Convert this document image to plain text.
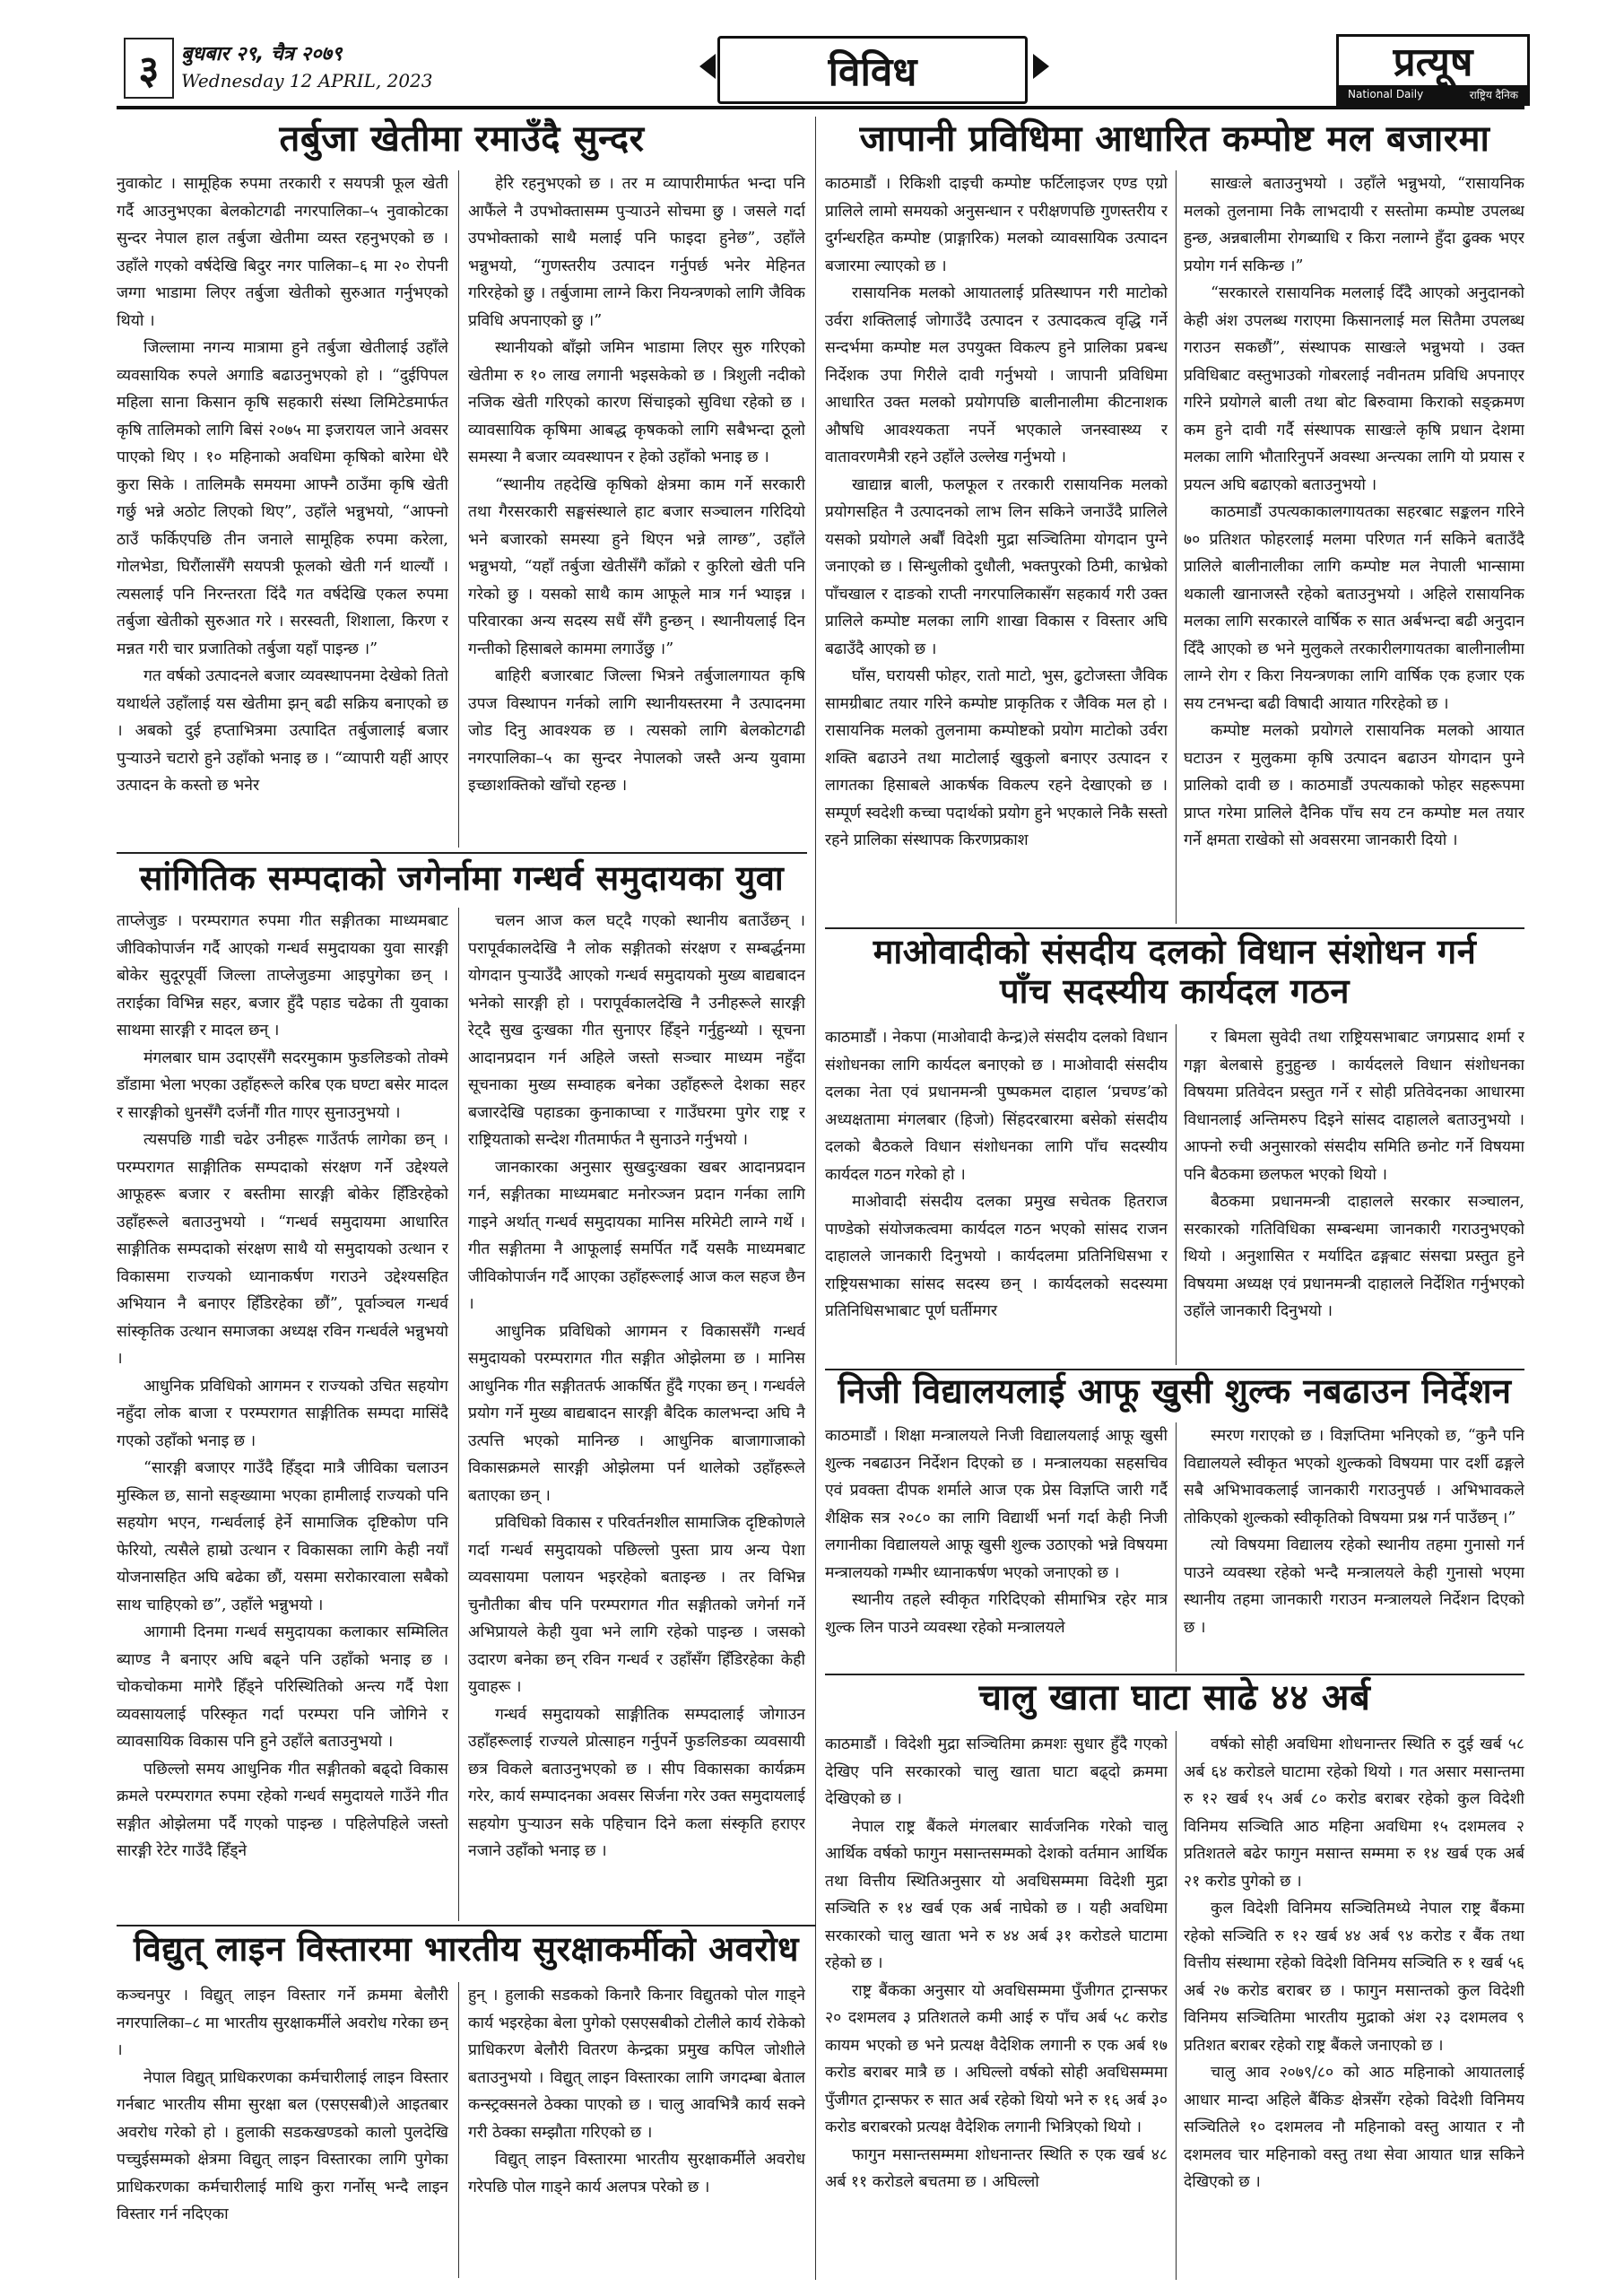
३	बुधबार २९, चैत्र २०७९
Wednesday 12 APRIL, 2023	विविध	प्रत्यूष
National Daily	राष्ट्रिय दैनिक
तर्बुजा खेतीमा रमाउँदै सुन्दर

नुवाकोट । सामूहिक रुपमा तरकारी र सयपत्री फूल खेती गर्दै आउनुभएका बेलकोटगढी नगरपालिका–५ नुवाकोटका सुन्दर नेपाल हाल तर्बुजा खेतीमा व्यस्त रहनुभएको छ । उहाँले गएको वर्षदेखि बिदुर नगर पालिका–६ मा २० रोपनी जग्गा भाडामा लिएर तर्बुजा खेतीको सुरुआत गर्नुभएको थियो ।

जिल्लामा नगन्य मात्रामा हुने तर्बुजा खेतीलाई उहाँले व्यवसायिक रुपले अगाडि बढाउनुभएको हो । “दुईपिपल महिला साना किसान कृषि सहकारी संस्था लिमिटेडमार्फत कृषि तालिमको लागि बिसं २०७५ मा इजरायल जाने अवसर पाएको थिए । १० महिनाको अवधिमा कृषिको बारेमा धेरै कुरा सिके । तालिमकै समयमा आफ्नै ठाउँमा कृषि खेती गर्छु भन्ने अठोट लिएको थिए”, उहाँले भन्नुभयो, “आफ्नो ठाउँ फर्किएपछि तीन जनाले सामूहिक रुपमा करेला, गोलभेडा, घिरौंलासँगै सयपत्री फूलको खेती गर्न थाल्यौं । त्यसलाई पनि निरन्तरता दिंदै गत वर्षदेखि एकल रुपमा तर्बुजा खेतीको सुरुआत गरे । सरस्वती, शिशाला, किरण र मन्नत गरी चार प्रजातिको तर्बुजा यहाँ पाइन्छ ।”

गत वर्षको उत्पादनले बजार व्यवस्थापनमा देखेको तितो यथार्थले उहाँलाई यस खेतीमा झन् बढी सक्रिय बनाएको छ । अबको दुई हप्ताभित्रमा उत्पादित तर्बुजालाई बजार पुऱ्याउने चटारो हुने उहाँको भनाइ छ । “व्यापारी यहीं आएर उत्पादन के कस्तो छ भनेर

हेरि रहनुभएको छ । तर म व्यापारीमार्फत भन्दा पनि आफैंले नै उपभोक्तासम्म पुऱ्याउने सोचमा छु । जसले गर्दा उपभोक्ताको साथै मलाई पनि फाइदा हुनेछ”, उहाँले भन्नुभयो, “गुणस्तरीय उत्पादन गर्नुपर्छ भनेर मेहिनत गरिरहेको छु । तर्बुजामा लाग्ने किरा नियन्त्रणको लागि जैविक प्रविधि अपनाएको छु ।”

स्थानीयको बाँझो जमिन भाडामा लिएर सुरु गरिएको खेतीमा रु १० लाख लगानी भइसकेको छ । त्रिशुली नदीको नजिक खेती गरिएको कारण सिंचाइको सुविधा रहेको छ । व्यावसायिक कृषिमा आबद्ध कृषकको लागि सबैभन्दा ठूलो समस्या नै बजार व्यवस्थापन र हेको उहाँको भनाइ छ ।

“स्थानीय तहदेखि कृषिको क्षेत्रमा काम गर्ने सरकारी तथा गैरसरकारी सङ्घसंस्थाले हाट बजार सञ्चालन गरिदियो भने बजारको समस्या हुने थिएन भन्ने लाग्छ”, उहाँले भन्नुभयो, “यहाँ तर्बुजा खेतीसँगै काँक्रो र कुरिलो खेती पनि गरेको छु । यसको साथै काम आफूले मात्र गर्न भ्याइन्न । परिवारका अन्य सदस्य सधैं सँगै हुन्छन् । स्थानीयलाई दिन गन्तीको हिसाबले काममा लगाउँछु ।”

बाहिरी बजारबाट जिल्ला भित्रने तर्बुजालगायत कृषि उपज विस्थापन गर्नको लागि स्थानीयस्तरमा नै उत्पादनमा जोड दिनु आवश्यक छ । त्यसको लागि बेलकोटगढी नगरपालिका–५ का सुन्दर नेपालको जस्तै अन्य युवामा इच्छाशक्तिको खाँचो रहन्छ ।

जापानी प्रविधिमा आधारित कम्पोष्ट मल बजारमा

काठमाडौं । रिकिशी दाइची कम्पोष्ट फर्टिलाइजर एण्ड एग्रो प्रालिले लामो समयको अनुसन्धान र परीक्षणपछि गुणस्तरीय र दुर्गन्धरहित कम्पोष्ट (प्राङ्गारिक) मलको व्यावसायिक उत्पादन बजारमा ल्याएको छ ।

रासायनिक मलको आयातलाई प्रतिस्थापन गरी माटोको उर्वरा शक्तिलाई जोगाउँदै उत्पादन र उत्पादकत्व वृद्धि गर्ने सन्दर्भमा कम्पोष्ट मल उपयुक्त विकल्प हुने प्रालिका प्रबन्ध निर्देशक उपा गिरीले दावी गर्नुभयो । जापानी प्रविधिमा आधारित उक्त मलको प्रयोगपछि बालीनालीमा कीटनाशक औषधि आवश्यकता नपर्ने भएकाले जनस्वास्थ्य र वातावरणमैत्री रहने उहाँले उल्लेख गर्नुभयो ।

खाद्यान्न बाली, फलफूल र तरकारी रासायनिक मलको प्रयोगसहित नै उत्पादनको लाभ लिन सकिने जनाउँदै प्रालिले यसको प्रयोगले अर्बौं विदेशी मुद्रा सञ्चितिमा योगदान पुग्ने जनाएको छ । सिन्धुलीको दुधौली, भक्तपुरको ठिमी, काभ्रेको पाँचखाल र दाङको राप्ती नगरपालिकासँग सहकार्य गरी उक्त प्रालिले कम्पोष्ट मलका लागि शाखा विकास र विस्तार अघि बढाउँदै आएको छ ।

घाँस, घरायसी फोहर, रातो माटो, भुस, ढुटोजस्ता जैविक सामग्रीबाट तयार गरिने कम्पोष्ट प्राकृतिक र जैविक मल हो । रासायनिक मलको तुलनामा कम्पोष्टको प्रयोग माटोको उर्वरा शक्ति बढाउने तथा माटोलाई खुकुलो बनाएर उत्पादन र लागतका हिसाबले आकर्षक विकल्प रहने देखाएको छ । सम्पूर्ण स्वदेशी कच्चा पदार्थको प्रयोग हुने भएकाले निकै सस्तो रहने प्रालिका संस्थापक किरणप्रकाश

साखःले बताउनुभयो । उहाँले भन्नुभयो, “रासायनिक मलको तुलनामा निकै लाभदायी र सस्तोमा कम्पोष्ट उपलब्ध हुन्छ, अन्नबालीमा रोगब्याधि र किरा नलाग्ने हुँदा ढुक्क भएर प्रयोग गर्न सकिन्छ ।”

“सरकारले रासायनिक मललाई दिँदै आएको अनुदानको केही अंश उपलब्ध गराएमा किसानलाई मल सितैमा उपलब्ध गराउन सकछौं”, संस्थापक साखःले भन्नुभयो । उक्त प्रविधिबाट वस्तुभाउको गोबरलाई नवीनतम प्रविधि अपनाएर गरिने प्रयोगले बाली तथा बोट बिरुवामा किराको सङ्क्रमण कम हुने दावी गर्दै संस्थापक साखःले कृषि प्रधान देशमा मलका लागि भौतारिनुपर्ने अवस्था अन्त्यका लागि यो प्रयास र प्रयत्न अघि बढाएको बताउनुभयो ।

काठमाडौं उपत्यकाकालगायतका सहरबाट सङ्कलन गरिने ७० प्रतिशत फोहरलाई मलमा परिणत गर्न सकिने बताउँदै प्रालिले बालीनालीका लागि कम्पोष्ट मल नेपाली भान्सामा थकाली खानाजस्तै रहेको बताउनुभयो । अहिले रासायनिक मलका लागि सरकारले वार्षिक रु सात अर्बभन्दा बढी अनुदान दिँदै आएको छ भने मुलुकले तरकारीलगायतका बालीनालीमा लाग्ने रोग र किरा नियन्त्रणका लागि वार्षिक एक हजार एक सय टनभन्दा बढी विषादी आयात गरिरहेको छ ।

कम्पोष्ट मलको प्रयोगले रासायनिक मलको आयात घटाउन र मुलुकमा कृषि उत्पादन बढाउन योगदान पुग्ने प्रालिको दावी छ । काठमाडौं उपत्यकाको फोहर सहरूपमा प्राप्त गरेमा प्रालिले दैनिक पाँच सय टन कम्पोष्ट मल तयार गर्ने क्षमता राखेको सो अवसरमा जानकारी दियो ।

सांगितिक सम्पदाको जगेर्नामा गन्धर्व समुदायका युवा

ताप्लेजुङ । परम्परागत रुपमा गीत सङ्गीतका माध्यमबाट जीविकोपार्जन गर्दै आएको गन्धर्व समुदायका युवा सारङ्गी बोकेर सुदूरपूर्वी जिल्ला ताप्लेजुङमा आइपुगेका छन् । तराईका विभिन्न सहर, बजार हुँदै पहाड चढेका ती युवाका साथमा सारङ्गी र मादल छन् ।

मंगलबार घाम उदाएसँगै सदरमुकाम फुङलिङको तोक्मे डाँडामा भेला भएका उहाँहरूले करिब एक घण्टा बसेर मादल र सारङ्गीको धुनसँगै दर्जनौं गीत गाएर सुनाउनुभयो ।

त्यसपछि गाडी चढेर उनीहरू गाउँतर्फ लागेका छन् । परम्परागत साङ्गीतिक सम्पदाको संरक्षण गर्ने उद्देश्यले आफूहरू बजार र बस्तीमा सारङ्गी बोकेर हिँडिरहेको उहाँहरूले बताउनुभयो । “गन्धर्व समुदायमा आधारित साङ्गीतिक सम्पदाको संरक्षण साथै यो समुदायको उत्थान र विकासमा राज्यको ध्यानाकर्षण गराउने उद्देश्यसहित अभियान नै बनाएर हिँडिरहेका छौं”, पूर्वाञ्चल गन्धर्व सांस्कृतिक उत्थान समाजका अध्यक्ष रविन गन्धर्वले भन्नुभयो ।

आधुनिक प्रविधिको आगमन र राज्यको उचित सहयोग नहुँदा लोक बाजा र परम्परागत साङ्गीतिक सम्पदा मासिंदै गएको उहाँको भनाइ छ ।

“सारङ्गी बजाएर गाउँदै हिँड्दा मात्रै जीविका चलाउन मुस्किल छ, सानो सङ्ख्यामा भएका हामीलाई राज्यको पनि सहयोग भएन, गन्धर्वलाई हेर्ने सामाजिक दृष्टिकोण पनि फेरियो, त्यसैले हाम्रो उत्थान र विकासका लागि केही नयाँ योजनासहित अघि बढेका छौं, यसमा सरोकारवाला सबैको साथ चाहिएको छ”, उहाँले भन्नुभयो ।

आगामी दिनमा गन्धर्व समुदायका कलाकार सम्मिलित ब्याण्ड नै बनाएर अघि बढ्ने पनि उहाँको भनाइ छ । चोकचोकमा मागेरै हिँड्ने परिस्थितिको अन्त्य गर्दै पेशा व्यवसायलाई परिस्कृत गर्दा परम्परा पनि जोगिने र व्यावसायिक विकास पनि हुने उहाँले बताउनुभयो ।

पछिल्लो समय आधुनिक गीत सङ्गीतको बढ्दो विकास क्रमले परम्परागत रुपमा रहेको गन्धर्व समुदायले गाउँने गीत सङ्गीत ओझेलमा पर्दै गएको पाइन्छ । पहिलेपहिले जस्तो सारङ्गी रेटेर गाउँदै हिँड्ने

चलन आज कल घट्दै गएको स्थानीय बताउँछन् । परापूर्वकालदेखि नै लोक सङ्गीतको संरक्षण र सम्बर्द्धनमा योगदान पुऱ्याउँदै आएको गन्धर्व समुदायको मुख्य बाद्यबादन भनेको सारङ्गी हो । परापूर्वकालदेखि नै उनीहरूले सारङ्गी रेट्दै सुख दुःखका गीत सुनाएर हिँड्ने गर्नुहुन्थ्यो । सूचना आदानप्रदान गर्न अहिले जस्तो सञ्चार माध्यम नहुँदा सूचनाका मुख्य सम्वाहक बनेका उहाँहरूले देशका सहर बजारदेखि पहाडका कुनाकाप्चा र गाउँघरमा पुगेर राष्ट्र र राष्ट्रियताको सन्देश गीतमार्फत नै सुनाउने गर्नुभयो ।

जानकारका अनुसार सुखदुःखका खबर आदानप्रदान गर्न, सङ्गीतका माध्यमबाट मनोरञ्जन प्रदान गर्नका लागि गाइने अर्थात् गन्धर्व समुदायका मानिस मरिमेटी लाग्ने गर्थे । गीत सङ्गीतमा नै आफूलाई समर्पित गर्दै यसकै माध्यमबाट जीविकोपार्जन गर्दै आएका उहाँहरूलाई आज कल सहज छैन ।

आधुनिक प्रविधिको आगमन र विकाससँगै गन्धर्व समुदायको परम्परागत गीत सङ्गीत ओझेलमा छ । मानिस आधुनिक गीत सङ्गीततर्फ आकर्षित हुँदै गएका छन् । गन्धर्वले प्रयोग गर्ने मुख्य बाद्यबादन सारङ्गी बैदिक कालभन्दा अघि नै उत्पत्ति भएको मानिन्छ । आधुनिक बाजागाजाको विकासक्रमले सारङ्गी ओझेलमा पर्न थालेको उहाँहरूले बताएका छन् ।

प्रविधिको विकास र परिवर्तनशील सामाजिक दृष्टिकोणले गर्दा गन्धर्व समुदायको पछिल्लो पुस्ता प्राय अन्य पेशा व्यवसायमा पलायन भइरहेको बताइन्छ । तर विभिन्न चुनौतीका बीच पनि परम्परागत गीत सङ्गीतको जगेर्ना गर्ने अभिप्रायले केही युवा भने लागि रहेको पाइन्छ । जसको उदारण बनेका छन् रविन गन्धर्व र उहाँसँग हिँडिरहेका केही युवाहरू ।

गन्धर्व समुदायको साङ्गीतिक सम्पदालाई जोगाउन उहाँहरूलाई राज्यले प्रोत्साहन गर्नुपर्ने फुङलिङका व्यवसायी छत्र विकले बताउनुभएको छ । सीप विकासका कार्यक्रम गरेर, कार्य सम्पादनका अवसर सिर्जना गरेर उक्त समुदायलाई सहयोग पुऱ्याउन सके पहिचान दिने कला संस्कृति हराएर नजाने उहाँको भनाइ छ ।

माओवादीको संसदीय दलको विधान संशोधन गर्न पाँच सदस्यीय कार्यदल गठन

काठमाडौं । नेकपा (माओवादी केन्द्र)ले संसदीय दलको विधान संशोधनका लागि कार्यदल बनाएको छ । माओवादी संसदीय दलका नेता एवं प्रधानमन्त्री पुष्पकमल दाहाल ‘प्रचण्ड’को अध्यक्षतामा मंगलबार (हिजो) सिंहदरबारमा बसेको संसदीय दलको बैठकले विधान संशोधनका लागि पाँच सदस्यीय कार्यदल गठन गरेको हो ।

माओवादी संसदीय दलका प्रमुख सचेतक हितराज पाण्डेको संयोजकत्वमा कार्यदल गठन भएको सांसद राजन दाहालले जानकारी दिनुभयो । कार्यदलमा प्रतिनिधिसभा र राष्ट्रियसभाका सांसद सदस्य छन् । कार्यदलको सदस्यमा प्रतिनिधिसभाबाट पूर्ण घर्तीमगर

र बिमला सुवेदी तथा राष्ट्रियसभाबाट जगप्रसाद शर्मा र गङ्गा बेलबासे हुनुहुन्छ । कार्यदलले विधान संशोधनका विषयमा प्रतिवेदन प्रस्तुत गर्ने र सोही प्रतिवेदनका आधारमा विधानलाई अन्तिमरुप दिइने सांसद दाहालले बताउनुभयो । आफ्नो रुची अनुसारको संसदीय समिति छनोट गर्ने विषयमा पनि बैठकमा छलफल भएको थियो ।

बैठकमा प्रधानमन्त्री दाहालले सरकार सञ्चालन, सरकारको गतिविधिका सम्बन्धमा जानकारी गराउनुभएको थियो । अनुशासित र मर्यादित ढङ्गबाट संसद्मा प्रस्तुत हुने विषयमा अध्यक्ष एवं प्रधानमन्त्री दाहालले निर्देशित गर्नुभएको उहाँले जानकारी दिनुभयो ।

निजी विद्यालयलाई आफू खुसी शुल्क नबढाउन निर्देशन

काठमाडौं । शिक्षा मन्त्रालयले निजी विद्यालयलाई आफू खुसी शुल्क नबढाउन निर्देशन दिएको छ । मन्त्रालयका सहसचिव एवं प्रवक्ता दीपक शर्माले आज एक प्रेस विज्ञप्ति जारी गर्दै शैक्षिक सत्र २०८० का लागि विद्यार्थी भर्ना गर्दा केही निजी लगानीका विद्यालयले आफू खुसी शुल्क उठाएको भन्ने विषयमा मन्त्रालयको गम्भीर ध्यानाकर्षण भएको जनाएको छ ।

स्थानीय तहले स्वीकृत गरिदिएको सीमाभित्र रहेर मात्र शुल्क लिन पाउने व्यवस्था रहेको मन्त्रालयले

स्मरण गराएको छ । विज्ञप्तिमा भनिएको छ, “कुनै पनि विद्यालयले स्वीकृत भएको शुल्कको विषयमा पार दर्शी ढङ्गले सबै अभिभावकलाई जानकारी गराउनुपर्छ । अभिभावकले तोकिएको शुल्कको स्वीकृतिको विषयमा प्रश्न गर्न पाउँछन् ।”

त्यो विषयमा विद्यालय रहेको स्थानीय तहमा गुनासो गर्न पाउने व्यवस्था रहेको भन्दै मन्त्रालयले केही गुनासो भएमा स्थानीय तहमा जानकारी गराउन मन्त्रालयले निर्देशन दिएको छ ।

चालु खाता घाटा साढे ४४ अर्ब

काठमाडौं । विदेशी मुद्रा सञ्चितिमा क्रमशः सुधार हुँदै गएको देखिए पनि सरकारको चालु खाता घाटा बढ्दो क्रममा देखिएको छ ।

नेपाल राष्ट्र बैंकले मंगलबार सार्वजनिक गरेको चालु आर्थिक वर्षको फागुन मसान्तसम्मको देशको वर्तमान आर्थिक तथा वित्तीय स्थितिअनुसार यो अवधिसम्ममा विदेशी मुद्रा सञ्चिति रु १४ खर्ब एक अर्ब नाघेको छ । यही अवधिमा सरकारको चालु खाता भने रु ४४ अर्ब ३१ करोडले घाटामा रहेको छ ।

राष्ट्र बैंकका अनुसार यो अवधिसम्ममा पुँजीगत ट्रान्सफर २० दशमलव ३ प्रतिशतले कमी आई रु पाँच अर्ब ५८ करोड कायम भएको छ भने प्रत्यक्ष वैदेशिक लगानी रु एक अर्ब १७ करोड बराबर मात्रै छ । अघिल्लो वर्षको सोही अवधिसम्ममा पुँजीगत ट्रान्सफर रु सात अर्ब रहेको थियो भने रु १६ अर्ब ३० करोड बराबरको प्रत्यक्ष वैदेशिक लगानी भित्रिएको थियो ।

फागुन मसान्तसम्ममा शोधनान्तर स्थिति रु एक खर्ब ४८ अर्ब ११ करोडले बचतमा छ । अघिल्लो

वर्षको सोही अवधिमा शोधनान्तर स्थिति रु दुई खर्ब ५८ अर्ब ६४ करोडले घाटामा रहेको थियो । गत असार मसान्तमा रु १२ खर्ब १५ अर्ब ८० करोड बराबर रहेको कुल विदेशी विनिमय सञ्चिति आठ महिना अवधिमा १५ दशमलव २ प्रतिशतले बढेर फागुन मसान्त सम्ममा रु १४ खर्ब एक अर्ब २१ करोड पुगेको छ ।

कुल विदेशी विनिमय सञ्चितिमध्ये नेपाल राष्ट्र बैंकमा रहेको सञ्चिति रु १२ खर्ब ४४ अर्ब ९४ करोड र बैंक तथा वित्तीय संस्थामा रहेको विदेशी विनिमय सञ्चिति रु १ खर्ब ५६ अर्ब २७ करोड बराबर छ । फागुन मसान्तको कुल विदेशी विनिमय सञ्चितिमा भारतीय मुद्राको अंश २३ दशमलव ९ प्रतिशत बराबर रहेको राष्ट्र बैंकले जनाएको छ ।

चालु आव २०७९/८० को आठ महिनाको आयातलाई आधार मान्दा अहिले बैंकिङ क्षेत्रसँग रहेको विदेशी विनिमय सञ्चितिले १० दशमलव नौ महिनाको वस्तु आयात र नौ दशमलव चार महिनाको वस्तु तथा सेवा आयात धान्न सकिने देखिएको छ ।

विद्युत् लाइन विस्तारमा भारतीय सुरक्षाकर्मीको अवरोध

कञ्चनपुर । विद्युत् लाइन विस्तार गर्ने क्रममा बेलौरी नगरपालिका–८ मा भारतीय सुरक्षाकर्मीले अवरोध गरेका छन् ।

नेपाल विद्युत् प्राधिकरणका कर्मचारीलाई लाइन विस्तार गर्नबाट भारतीय सीमा सुरक्षा बल (एसएसबी)ले आइतबार अवरोध गरेको हो । हुलाकी सडकखण्डको कालो पुलदेखि पच्चुईसम्मको क्षेत्रमा विद्युत् लाइन विस्तारका लागि पुगेका प्राधिकरणका कर्मचारीलाई माथि कुरा गर्नोस् भन्दै लाइन विस्तार गर्न नदिएका

हुन् । हुलाकी सडकको किनारै किनार विद्युतको पोल गाड्ने कार्य भइरहेका बेला पुगेको एसएसबीको टोलीले कार्य रोकेको प्राधिकरण बेलौरी वितरण केन्द्रका प्रमुख कपिल जोशीले बताउनुभयो । विद्युत् लाइन विस्तारका लागि जगदम्बा बेताल कन्स्ट्रक्सनले ठेक्का पाएको छ । चालु आवभित्रै कार्य सक्ने गरी ठेक्का सम्झौता गरिएको छ ।

विद्युत् लाइन विस्तारमा भारतीय सुरक्षाकर्मीले अवरोध गरेपछि पोल गाड्ने कार्य अलपत्र परेको छ ।
